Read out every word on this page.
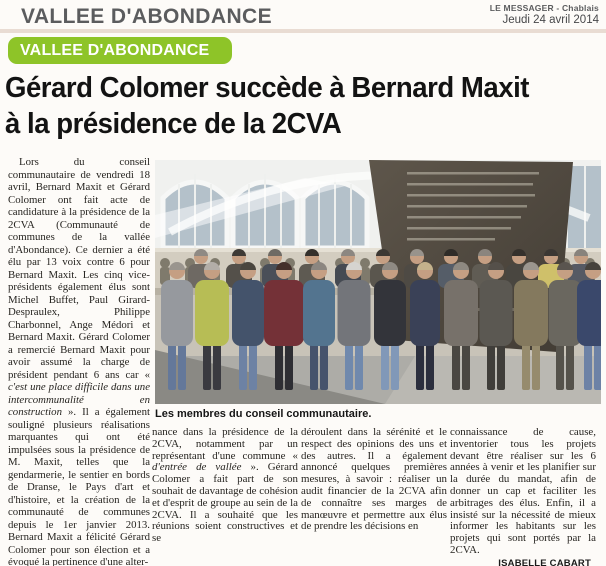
VALLEE D'ABONDANCE	LE MESSAGER - Chablais
Jeudi 24 avril 2014
VALLEE D'ABONDANCE
Gérard Colomer succède à Bernard Maxit
à la présidence de la 2CVA
Lors du conseil communautaire de vendredi 18 avril, Bernard Maxit et Gérard Colomer ont fait acte de candidature à la présidence de la 2CVA (Communauté de communes de la vallée d'Abondance). Ce dernier a été élu par 13 voix contre 6 pour Bernard Maxit. Les cinq vice-présidents également élus sont Michel Buffet, Paul Girard-Despraulex, Philippe Charbonnel, Ange Médori et Bernard Maxit. Gérard Colomer a remercié Bernard Maxit pour avoir assumé la charge de président pendant 6 ans car « c'est une place difficile dans une intercommunalité en construction ». Il a également souligné plusieurs réalisations marquantes qui ont été impulsées sous la présidence de M. Maxit, telles que la gendarmerie, le sentier en bords de Dranse, le Pays d'art et d'histoire, et la création de la communauté de communes depuis le 1er janvier 2013. Bernard Maxit a félicité Gérard Colomer pour son élection et a évoqué la pertinence d'une alter-
Les membres du conseil communautaire.
nance dans la présidence de la 2CVA, notamment par un représentant d'une commune « d'entrée de vallée ». Gérard Colomer a fait part de son souhait de davantage de cohésion et d'esprit de groupe au sein de la 2CVA. Il a souhaité que les réunions soient constructives et se
déroulent dans la sérénité et le respect des opinions des uns et des autres. Il a également annoncé quelques premières mesures, à savoir : réaliser un audit financier de la 2CVA afin de connaître ses marges de manœuvre et permettre aux élus de prendre les décisions en
connaissance de cause, inventorier tous les projets devant être réaliser sur les 6 années à venir et les planifier sur la durée du mandat, afin de donner un cap et faciliter les arbitrages des élus. Enfin, il a insisté sur la nécessité de mieux informer les habitants sur les projets qui sont portés par la 2CVA.
ISABELLE CABART
